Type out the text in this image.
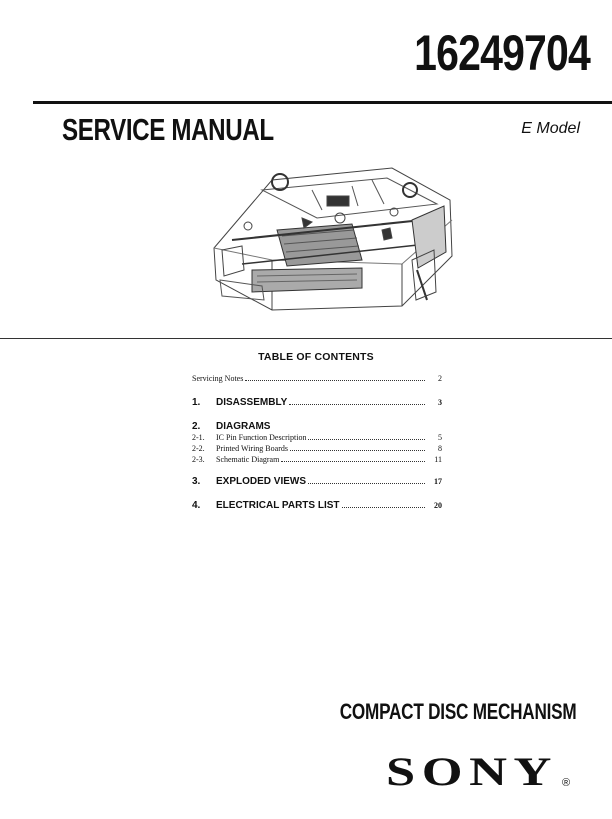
16249704
SERVICE MANUAL	E Model
TABLE OF CONTENTS
Servicing Notes	2
1.	DISASSEMBLY	3
2.	DIAGRAMS
2-1.	IC Pin Function Description	5
2-2.	Printed Wiring Boards	8
2-3.	Schematic Diagram	11
3.	EXPLODED VIEWS	17
4.	ELECTRICAL PARTS LIST	20
COMPACT DISC MECHANISM
SONY ®
